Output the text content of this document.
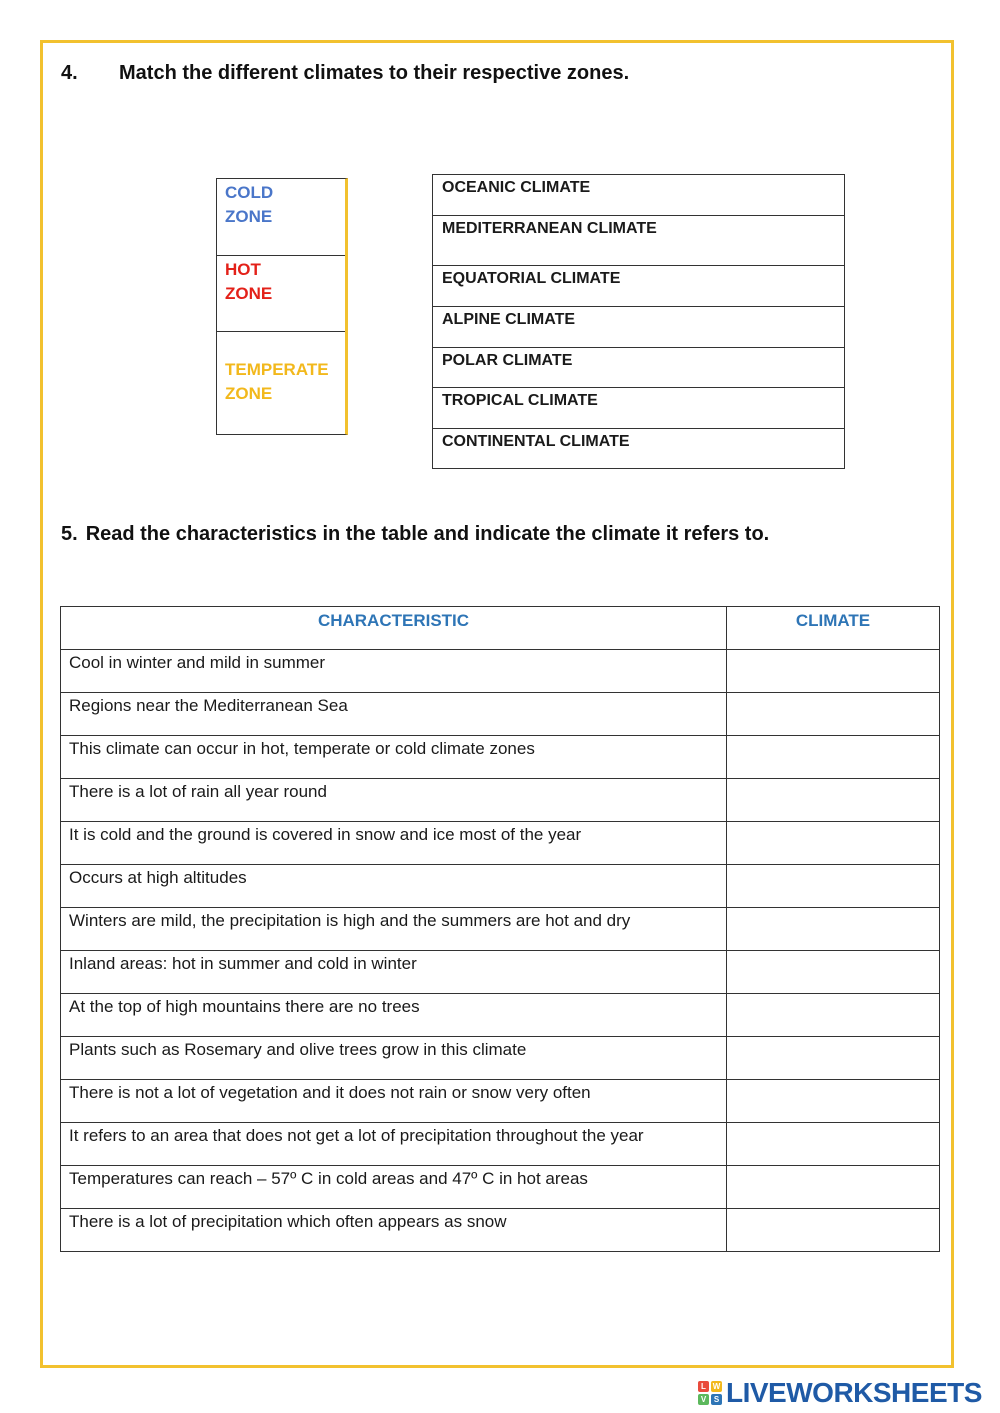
4. Match the different climates to their respective zones.
COLD
ZONE
HOT
ZONE
TEMPERATE
ZONE
OCEANIC CLIMATE
MEDITERRANEAN CLIMATE
EQUATORIAL CLIMATE
ALPINE CLIMATE
POLAR CLIMATE
TROPICAL CLIMATE
CONTINENTAL CLIMATE
5. Read the characteristics in the table and indicate the climate it refers to.
CHARACTERISTIC	CLIMATE
Cool in winter and mild in summer	
Regions near the Mediterranean Sea	
This climate can occur in hot, temperate or cold climate zones	
There is a lot of rain all year round	
It is cold and the ground is covered in snow and ice most of the year	
Occurs at high altitudes	
Winters are mild, the precipitation is high and the summers are hot and dry	
Inland areas: hot in summer and cold in winter	
At the top of high mountains there are no trees	
Plants such as Rosemary and olive trees grow in this climate	
There is not a lot of vegetation and it does not rain or snow very often	
It refers to an area that does not get a lot of precipitation throughout the year	
Temperatures can reach – 57º C in cold areas and 47º C in hot areas	
There is a lot of precipitation which often appears as snow	
L W
V S LIVEWORKSHEETS
